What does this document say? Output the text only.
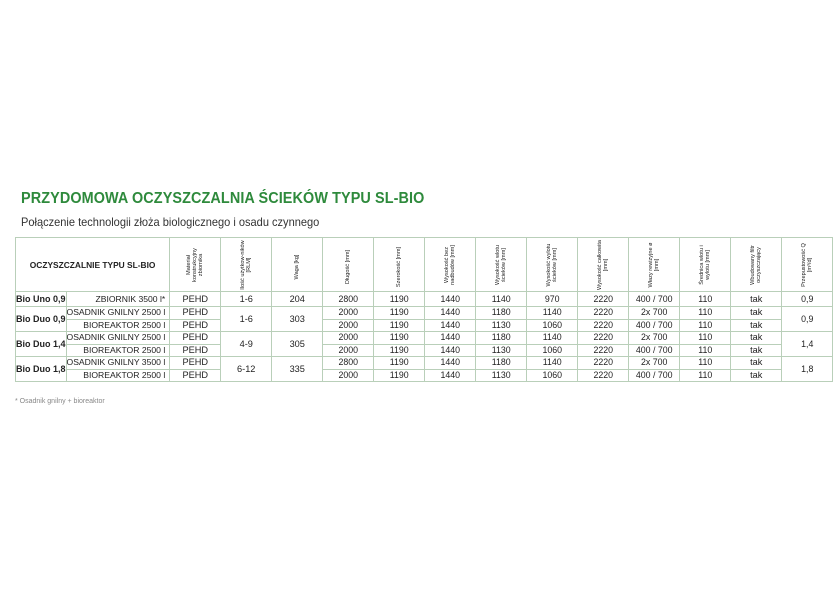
PRZYDOMOWA OCZYSZCZALNIA ŚCIEKÓW TYPU SL-BIO
Połączenie technologii złoża biologicznego i osadu czynnego
OCZYSZCZALNIE TYPU SL-BIO		Materiał konstrukcyjny zbiornika	Ilość użytkow-ników [RLM]	Waga [kg]	Długość [mm]	Szerokość [mm]	Wysokość bez nadbudów [mm]	Wysokość wlotu ścieków [mm]	Wysokość wylotu ścieków [mm]	Wysokość całkowita [mm]	Włazy rewizyjne ø [mm]	Średnica wlotu i wylotu [mm]	Wbudowany filtr oczyszczający	Przepustowość Q [m³/d]
Bio Uno 0,9	ZBIORNIK 3500 l*	PEHD	1-6	204	2800	1190	1440	1140	970	2220	400 / 700	110	tak	0,9
Bio Duo 0,9	OSADNIK GNILNY 2500 l	PEHD	1-6	303	2000	1190	1440	1180	1140	2220	2x 700	110	tak	0,9
	BIOREAKTOR 2500 l	PEHD			2000	1190	1440	1130	1060	2220	400 / 700	110	tak	
Bio Duo 1,4	OSADNIK GNILNY 2500 l	PEHD	4-9	305	2000	1190	1440	1180	1140	2220	2x 700	110	tak	1,4
	BIOREAKTOR 2500 l	PEHD			2000	1190	1440	1130	1060	2220	400 / 700	110	tak	
Bio Duo 1,8	OSADNIK GNILNY 3500 l	PEHD	6-12	335	2800	1190	1440	1180	1140	2220	2x 700	110	tak	1,8
	BIOREAKTOR 2500 l	PEHD			2000	1190	1440	1130	1060	2220	400 / 700	110	tak	
* Osadnik gnilny + bioreaktor
